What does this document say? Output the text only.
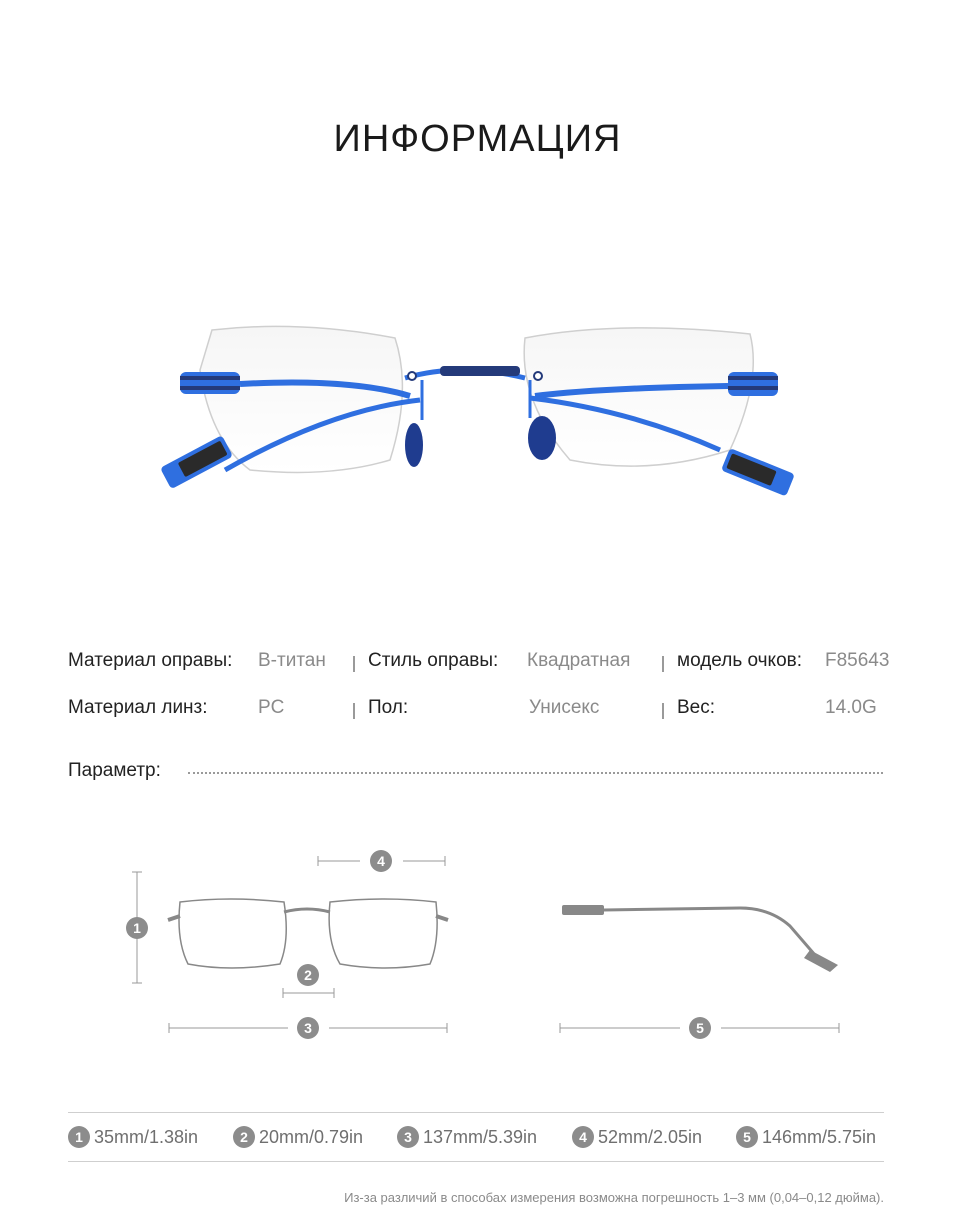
ИНФОРМАЦИЯ
Материал оправы: B-титан Стиль оправы: Квадратная модель очков: F85643
Материал линз:	PC	Пол:	Унисекс	Вес:	14.0G
Параметр:
1
2
3
4
5
1 35mm/1.38in	2 20mm/0.79in	3 137mm/5.39in	4 52mm/2.05in	5 146mm/5.75in
Из-за различий в способах измерения возможна погрешность 1–3 мм (0,04–0,12 дюйма).
